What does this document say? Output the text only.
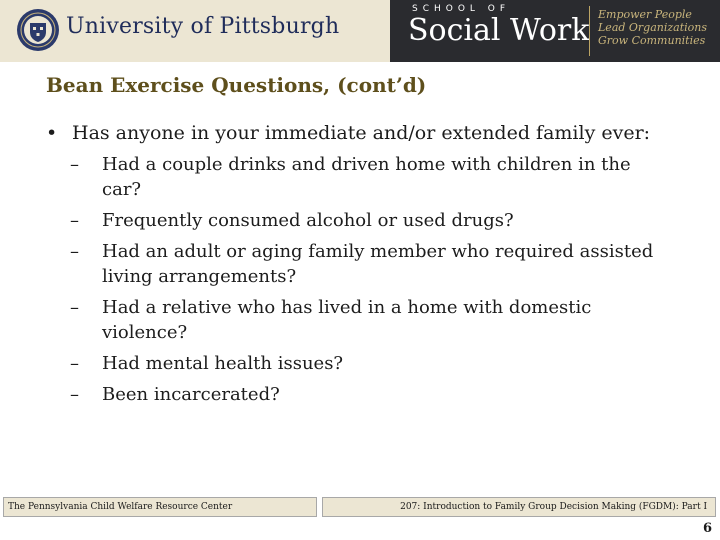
University of Pittsburgh
SCHOOL OF
Social Work Empower People
Lead Organizations
Grow Communities
Bean Exercise Questions, (cont’d)
• Has anyone in your immediate and/or extended family ever:
–	Had a couple drinks and driven home with children in the car?
–	Frequently consumed alcohol or used drugs?
–	Had an adult or aging family member who required assisted living arrangements?
–	Had a relative who has lived in a home with domestic violence?
–	Had mental health issues?
–	Been incarcerated?
The Pennsylvania Child Welfare Resource Center	207: Introduction to Family Group Decision Making (FGDM): Part I
6
